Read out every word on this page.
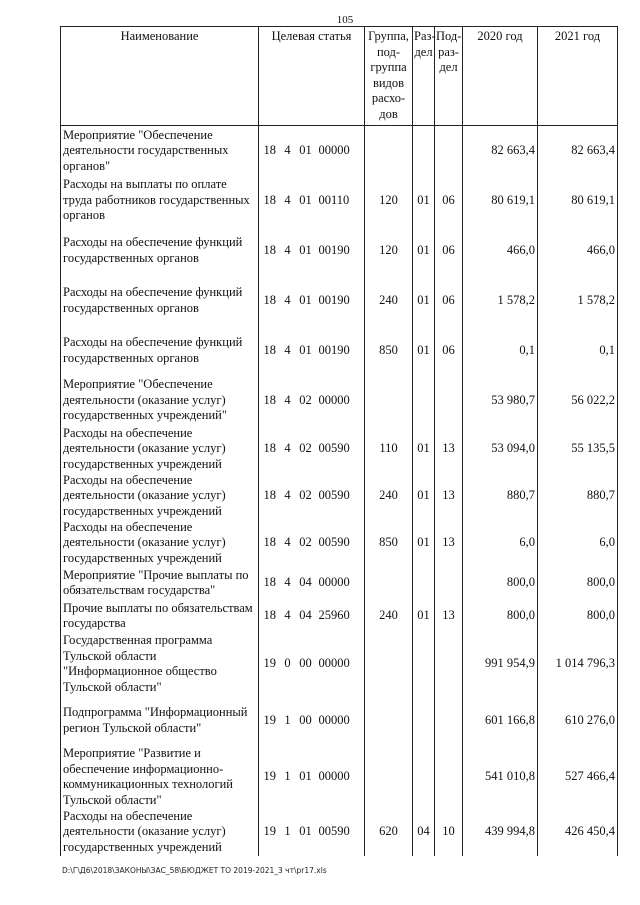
105
Наименование	Целевая статья				Группа, под-группа видов расхо-дов	Раз-дел	Под-раз-дел	2020 год	2021 год
Мероприятие "Обеспечение деятельности государственных органов"	18	4	01	00000				82 663,4	82 663,4
Расходы на выплаты по оплате труда работников государственных органов	18	4	01	00110	120	01	06	80 619,1	80 619,1
Расходы на обеспечение функций государственных органов	18	4	01	00190	120	01	06	466,0	466,0
Расходы на обеспечение функций государственных органов	18	4	01	00190	240	01	06	1 578,2	1 578,2
Расходы на обеспечение функций государственных органов	18	4	01	00190	850	01	06	0,1	0,1
Мероприятие "Обеспечение деятельности (оказание услуг) государственных учреждений"	18	4	02	00000				53 980,7	56 022,2
Расходы на обеспечение деятельности (оказание услуг) государственных учреждений	18	4	02	00590	110	01	13	53 094,0	55 135,5
Расходы на обеспечение деятельности (оказание услуг) государственных учреждений	18	4	02	00590	240	01	13	880,7	880,7
Расходы на обеспечение деятельности (оказание услуг) государственных учреждений	18	4	02	00590	850	01	13	6,0	6,0
Мероприятие "Прочие выплаты по обязательствам государства"	18	4	04	00000				800,0	800,0
Прочие выплаты по обязательствам государства	18	4	04	25960	240	01	13	800,0	800,0
Государственная программа Тульской области "Информационное общество Тульской области"	19	0	00	00000				991 954,9	1 014 796,3
Подпрограмма "Информационный регион Тульской области"	19	1	00	00000				601 166,8	610 276,0
Мероприятие "Развитие и обеспечение информационно-коммуникационных технологий Тульской области"	19	1	01	00000				541 010,8	527 466,4
Расходы на обеспечение деятельности (оказание услуг) государственных учреждений	19	1	01	00590	620	04	10	439 994,8	426 450,4
D:\Г\Д6\2018\ЗАКОНЫ\ЗАС_58\БЮДЖЕТ ТО 2019-2021_3 чт\pr17.xls
